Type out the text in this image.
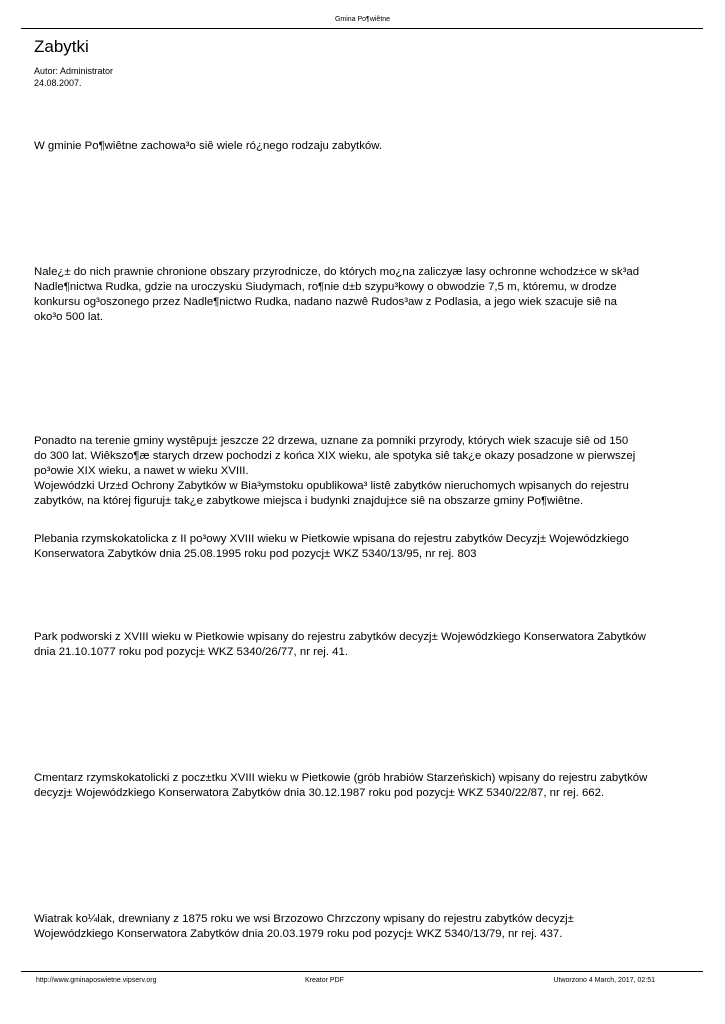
Gmina Po¶wiêtne
Zabytki
Autor: Administrator
24.08.2007.
W gminie Po¶wiêtne zachowa³o siê wiele ró¿nego rodzaju zabytków.
Nale¿± do nich prawnie chronione obszary przyrodnicze, do których mo¿na zaliczyæ lasy ochronne wchodz±ce w sk³ad
Nadle¶nictwa Rudka, gdzie na uroczysku Siudymach, ro¶nie d±b szypu³kowy o obwodzie 7,5 m, któremu, w drodze
konkursu og³oszonego przez Nadle¶nictwo Rudka, nadano nazwê Rudos³aw z Podlasia, a jego wiek szacuje siê na
oko³o 500 lat.
Ponadto na terenie gminy wystêpuj± jeszcze 22 drzewa, uznane za pomniki przyrody, których wiek szacuje siê od 150
do 300 lat. Wiêkszo¶æ starych drzew pochodzi z końca XIX wieku, ale spotyka siê tak¿e okazy posadzone w pierwszej
po³owie XIX wieku, a nawet w wieku XVIII.
Wojewódzki Urz±d Ochrony Zabytków w Bia³ymstoku opublikowa³ listê zabytków nieruchomych wpisanych do rejestru
zabytków, na której figuruj± tak¿e zabytkowe miejsca i budynki znajduj±ce siê na obszarze gminy Po¶wiêtne.
Plebania rzymskokatolicka z II po³owy XVIII wieku w Pietkowie wpisana do rejestru zabytków Decyzj± Wojewódzkiego
Konserwatora Zabytków dnia 25.08.1995 roku pod pozycj± WKZ 5340/13/95, nr rej. 803
Park podworski z XVIII wieku w Pietkowie wpisany do rejestru zabytków decyzj± Wojewódzkiego Konserwatora Zabytków
dnia 21.10.1077 roku pod pozycj± WKZ 5340/26/77, nr rej. 41.
Cmentarz rzymskokatolicki z pocz±tku XVIII wieku w Pietkowie (grób hrabiów Starzeńskich) wpisany do rejestru zabytków
decyzj± Wojewódzkiego Konserwatora Zabytków dnia 30.12.1987 roku pod pozycj± WKZ 5340/22/87, nr rej. 662.
Wiatrak ko¼lak, drewniany z 1875 roku we wsi Brzozowo Chrzczony wpisany do rejestru zabytków decyzj±
Wojewódzkiego Konserwatora Zabytków dnia 20.03.1979 roku pod pozycj± WKZ 5340/13/79, nr rej. 437.
http://www.gminaposwietne.vipserv.org	Kreator PDF	Utworzono 4 March, 2017, 02:51
